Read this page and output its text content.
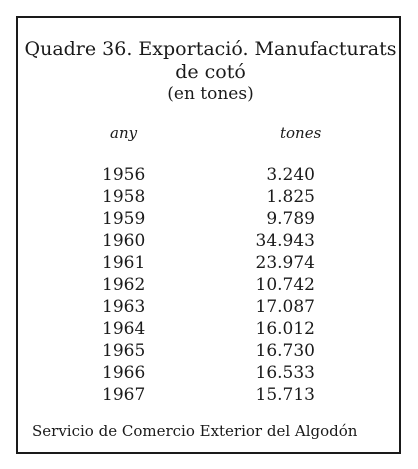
Quadre 36. Exportació. Manufacturats
de cotó
(en tones)
any	tones
1956	3.240
1958	1.825
1959	9.789
1960	34.943
1961	23.974
1962	10.742
1963	17.087
1964	16.012
1965	16.730
1966	16.533
1967	15.713
Servicio de Comercio Exterior del Algodón
